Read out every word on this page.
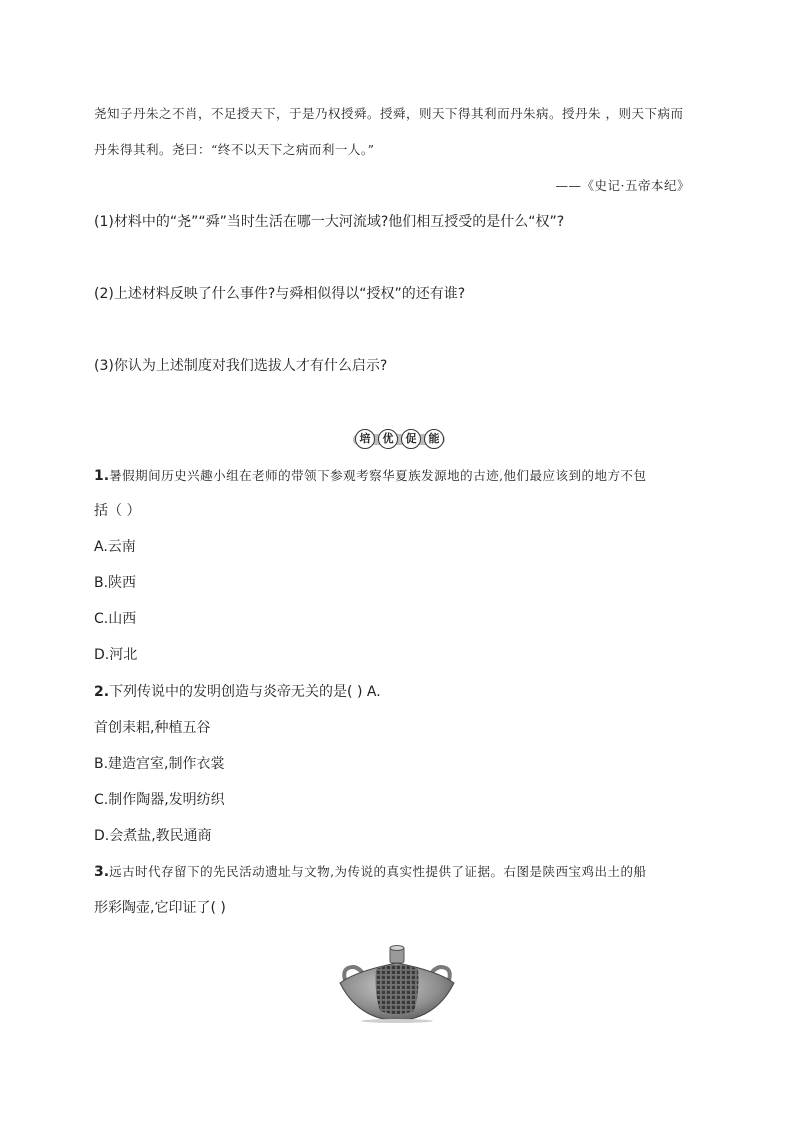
尧知子丹朱之不肖，不足授天下，于是乃权授舜。授舜，则天下得其利而丹朱病。授丹朱 ，则天下病而
丹朱得其利。尧曰：“终不以天下之病而利一人。”
——《史记·五帝本纪》
(1)材料中的“尧”“舜”当时生活在哪一大河流域?他们相互授受的是什么“权”?
(2)上述材料反映了什么事件?与舜相似得以“授权”的还有谁?
(3)你认为上述制度对我们选拔人才有什么启示?
培	优	促	能
1.暑假期间历史兴趣小组在老师的带领下参观考察华夏族发源地的古迹,他们最应该到的地方不包
括（ ）
A.云南
B.陕西
C.山西
D.河北
2.下列传说中的发明创造与炎帝无关的是( ) A.
首创耒耜,种植五谷
B.建造宫室,制作衣裳
C.制作陶器,发明纺织
D.会煮盐,教民通商
3.远古时代存留下的先民活动遗址与文物,为传说的真实性提供了证据。右图是陕西宝鸡出土的船
形彩陶壶,它印证了( )
